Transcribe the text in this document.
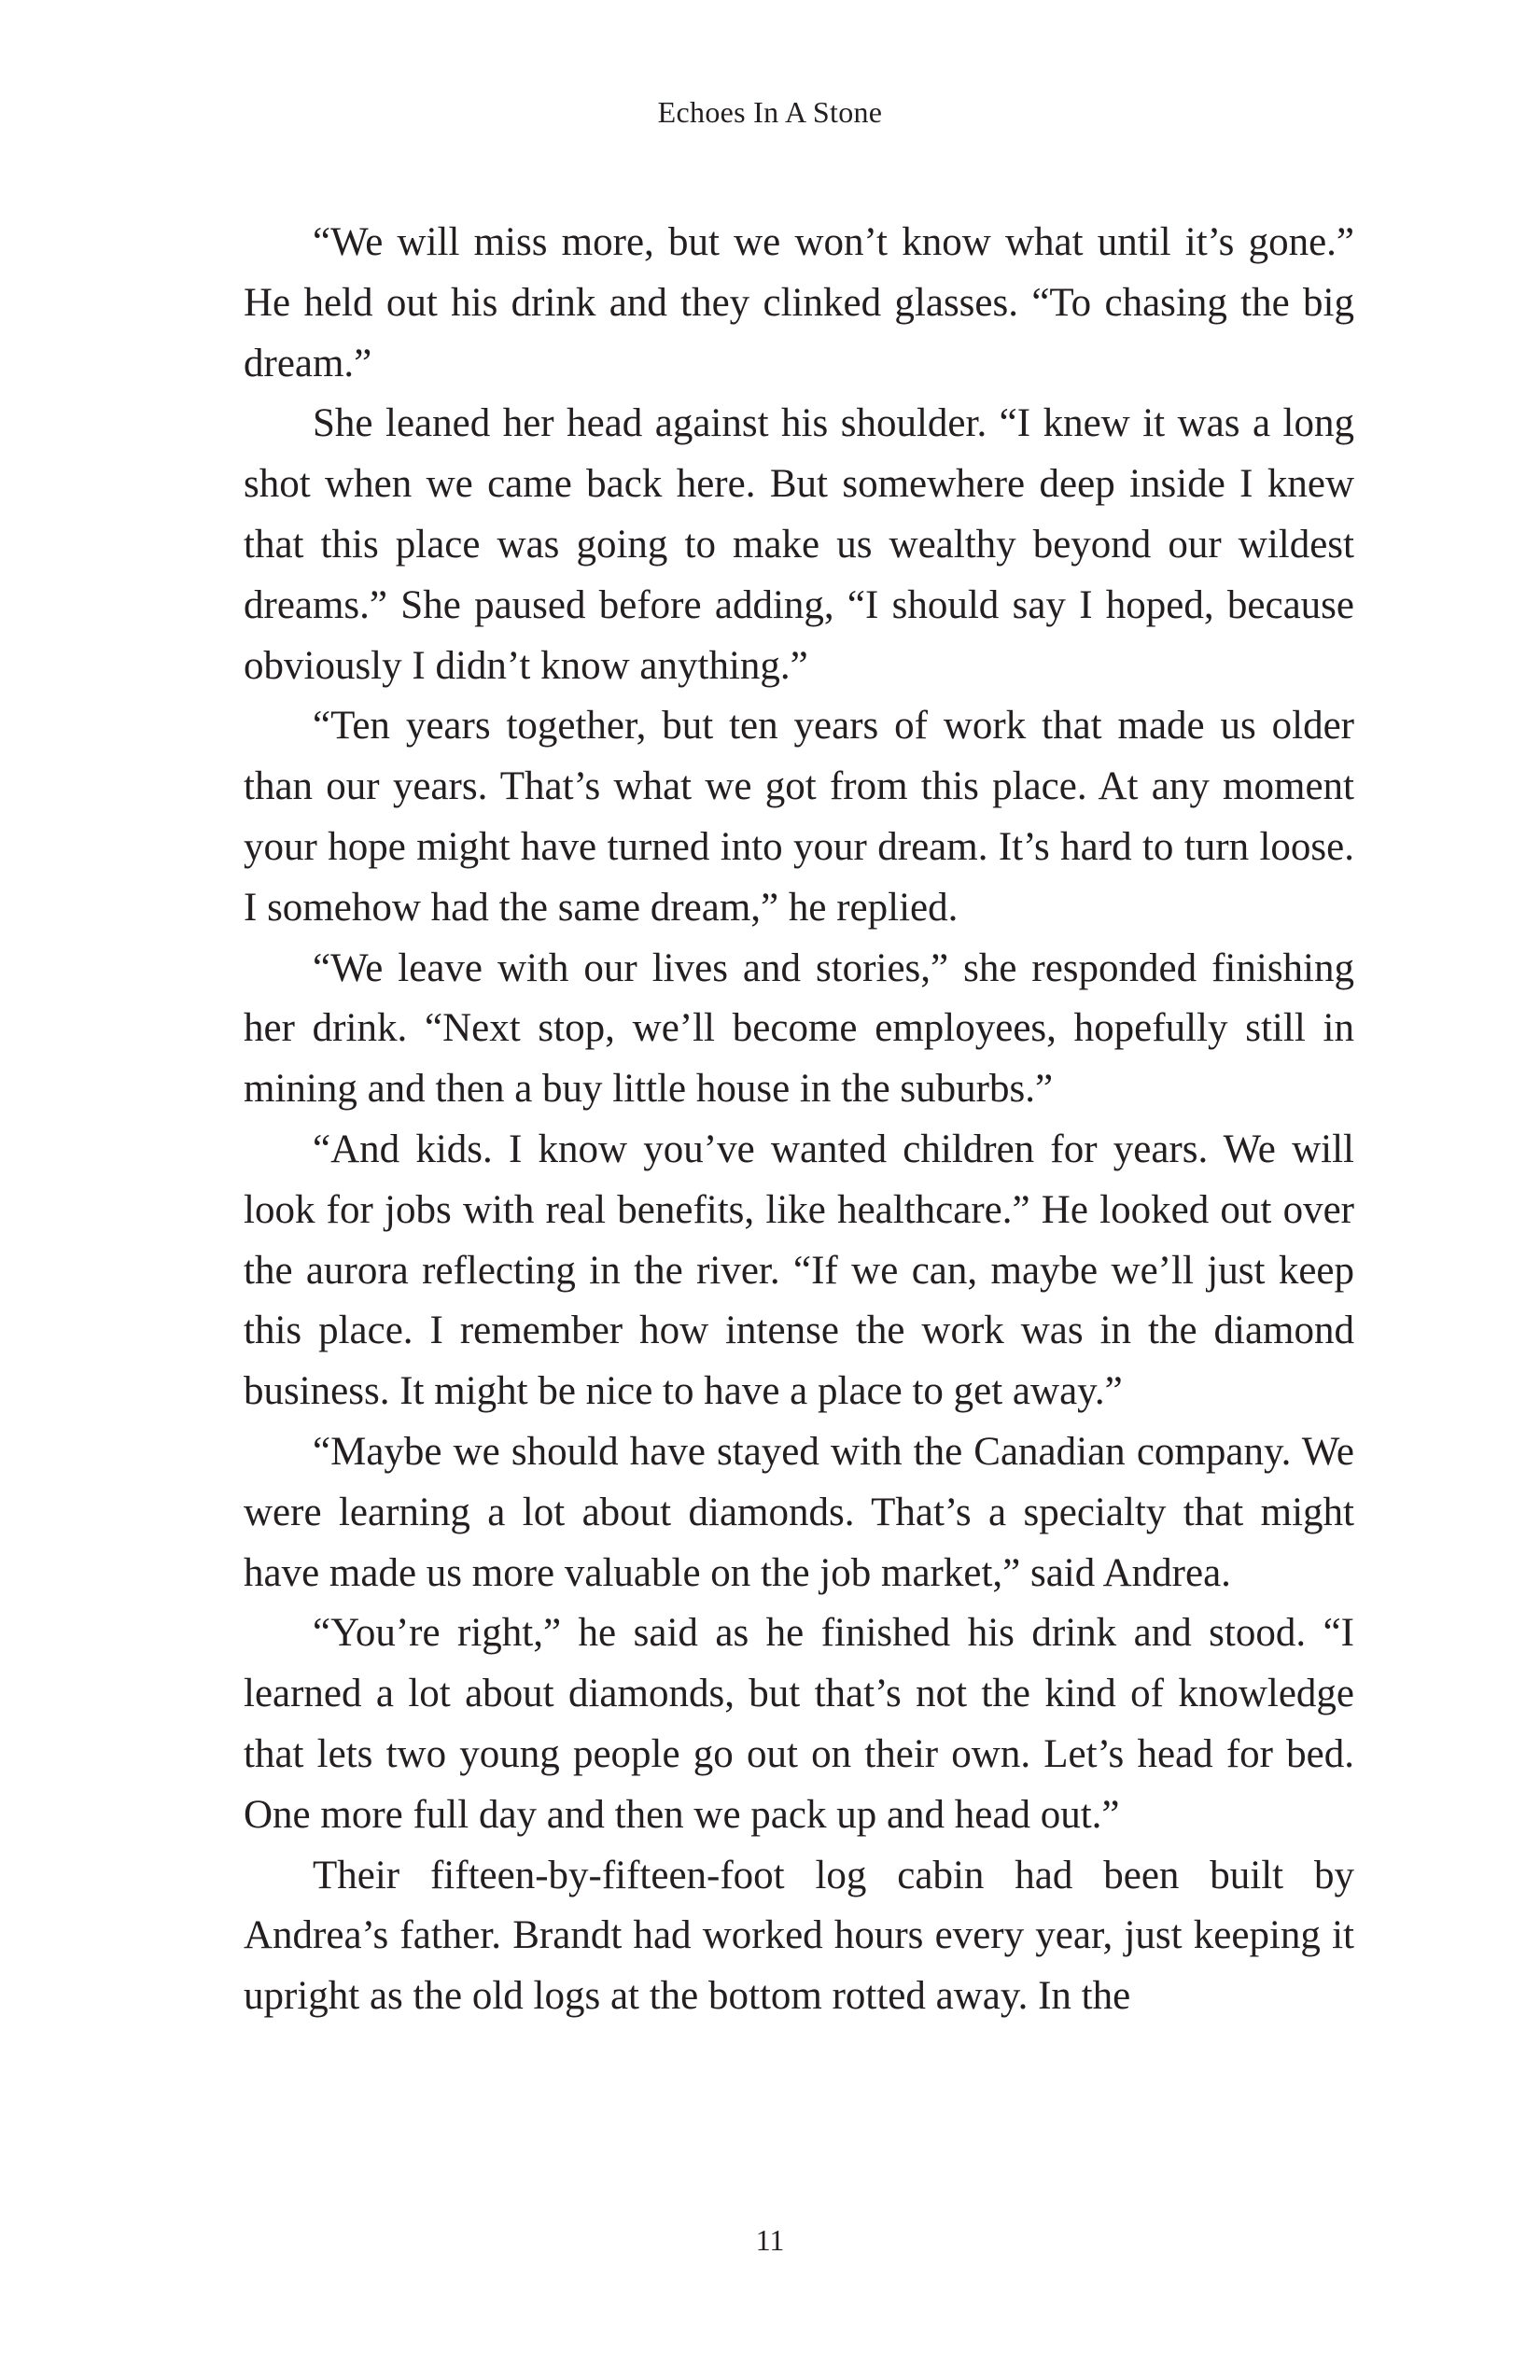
Echoes In A Stone

“We will miss more, but we won’t know what until it’s gone.” He held out his drink and they clinked glasses. “To chasing the big dream.”

She leaned her head against his shoulder. “I knew it was a long shot when we came back here. But somewhere deep inside I knew that this place was going to make us wealthy beyond our wildest dreams.” She paused before adding, “I should say I hoped, because obviously I didn’t know anything.”

“Ten years together, but ten years of work that made us older than our years. That’s what we got from this place. At any moment your hope might have turned into your dream. It’s hard to turn loose. I somehow had the same dream,” he replied.

“We leave with our lives and stories,” she responded finishing her drink. “Next stop, we’ll become employees, hopefully still in mining and then a buy little house in the suburbs.”

“And kids. I know you’ve wanted children for years. We will look for jobs with real benefits, like healthcare.” He looked out over the aurora reflecting in the river. “If we can, maybe we’ll just keep this place. I remember how intense the work was in the diamond business. It might be nice to have a place to get away.”

“Maybe we should have stayed with the Canadian company. We were learning a lot about diamonds. That’s a specialty that might have made us more valuable on the job market,” said Andrea.

“You’re right,” he said as he finished his drink and stood. “I learned a lot about diamonds, but that’s not the kind of knowledge that lets two young people go out on their own. Let’s head for bed. One more full day and then we pack up and head out.”

Their fifteen-by-fifteen-foot log cabin had been built by Andrea’s father. Brandt had worked hours every year, just keeping it upright as the old logs at the bottom rotted away. In the

11
